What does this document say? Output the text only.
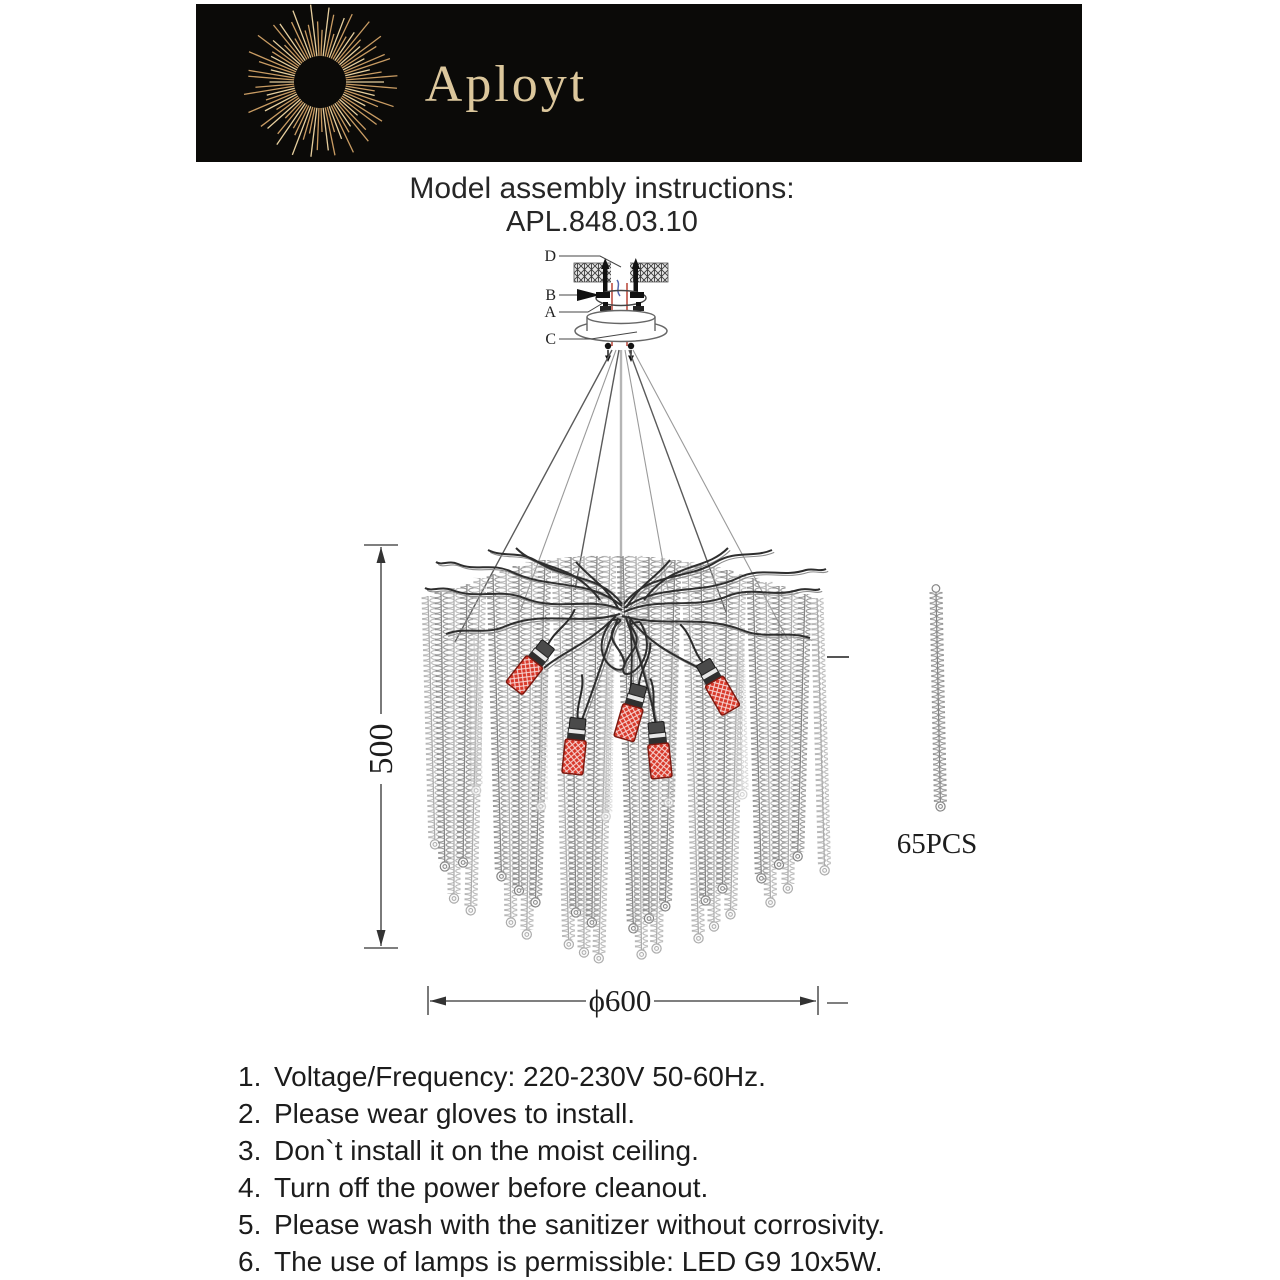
Aployt
Model assembly instructions:
APL.848.03.10
D
B
A
C
500
ϕ600
65PCS
1. Voltage/Frequency: 220-230V 50-60Hz.
2. Please wear gloves to install.
3. Don`t install it on the moist ceiling.
4. Turn off the power before cleanout.
5. Please wash with the sanitizer without corrosivity.
6. The use of lamps is permissible: LED G9 10x5W.
